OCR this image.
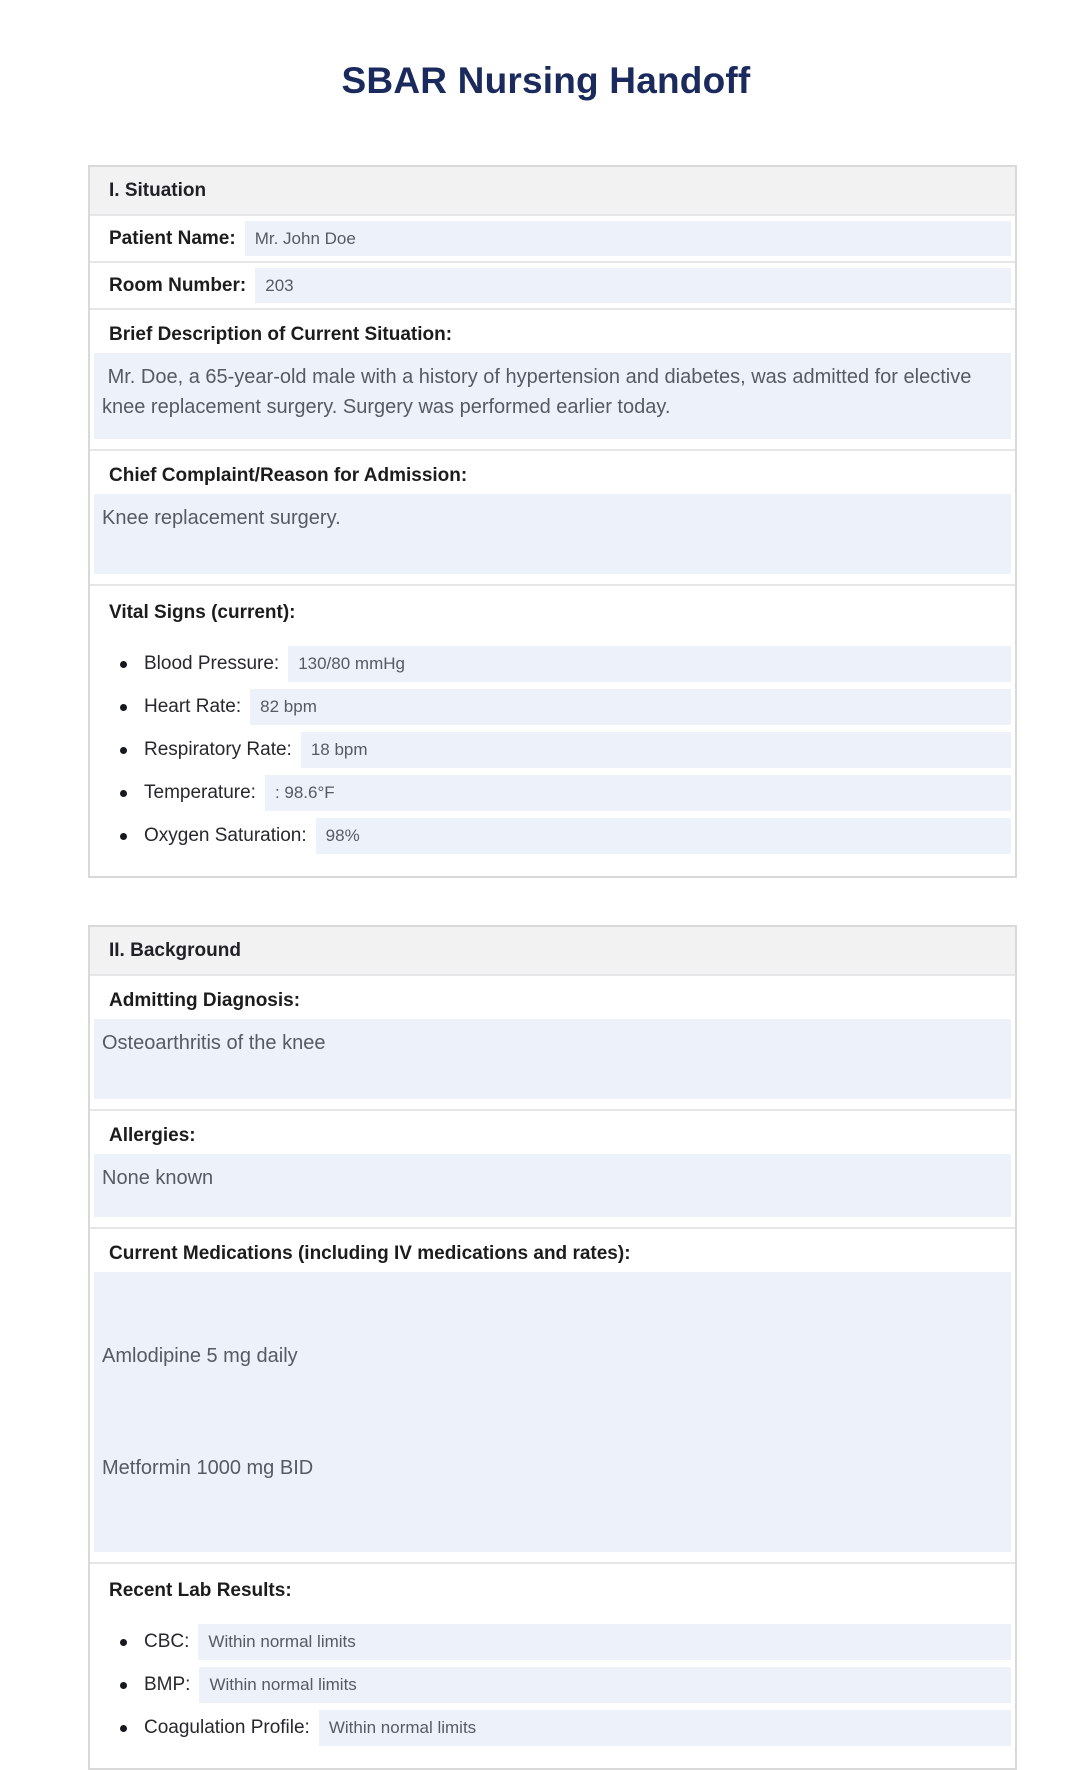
SBAR Nursing Handoff
I. Situation
Patient Name:	Mr. John Doe
Room Number:	203
Brief Description of Current Situation:
Mr. Doe, a 65-year-old male with a history of hypertension and diabetes, was admitted for elective knee replacement surgery. Surgery was performed earlier today.
Chief Complaint/Reason for Admission:
Knee replacement surgery.
Vital Signs (current):
Blood Pressure:	130/80 mmHg
Heart Rate:	82 bpm
Respiratory Rate:	18 bpm
Temperature:	: 98.6°F
Oxygen Saturation:	98%
II. Background
Admitting Diagnosis:
Osteoarthritis of the knee
Allergies:
None known
Current Medications (including IV medications and rates):

Amlodipine 5 mg daily

Metformin 1000 mg BID

Recent Lab Results:
CBC:	Within normal limits
BMP:	Within normal limits
Coagulation Profile:	Within normal limits
